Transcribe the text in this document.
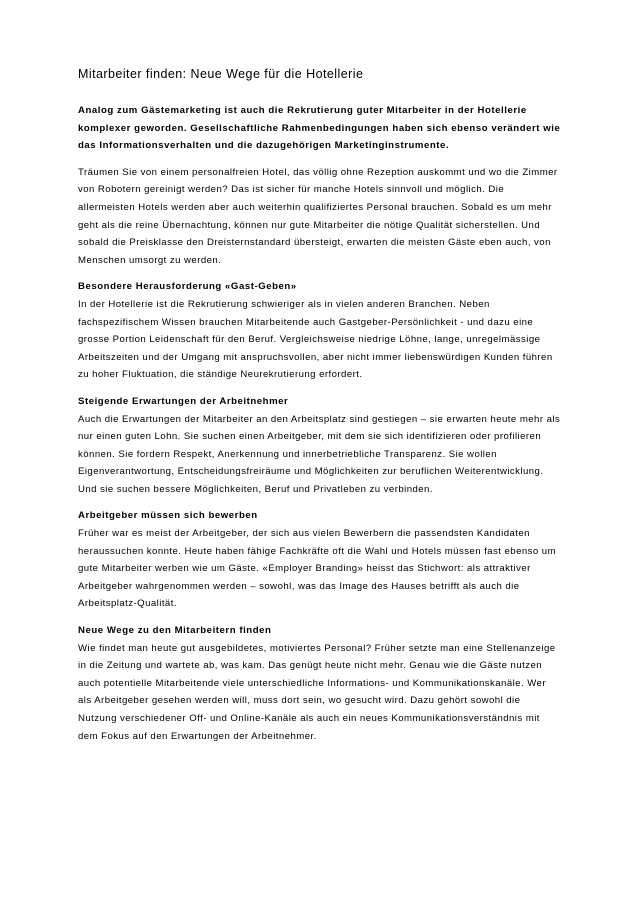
Mitarbeiter finden: Neue Wege für die Hotellerie

Analog zum Gästemarketing ist auch die Rekrutierung guter Mitarbeiter in der Hotellerie komplexer geworden. Gesellschaftliche Rahmenbedingungen haben sich ebenso verändert wie das Informationsverhalten und die dazugehörigen Marketinginstrumente.

Träumen Sie von einem personalfreien Hotel, das völlig ohne Rezeption auskommt und wo die Zimmer von Robotern gereinigt werden? Das ist sicher für manche Hotels sinnvoll und möglich. Die allermeisten Hotels werden aber auch weiterhin qualifiziertes Personal brauchen. Sobald es um mehr geht als die reine Übernachtung, können nur gute Mitarbeiter die nötige Qualität sicherstellen. Und sobald die Preisklasse den Dreisternstandard übersteigt, erwarten die meisten Gäste eben auch, von Menschen umsorgt zu werden.

Besondere Herausforderung «Gast-Geben»

In der Hotellerie ist die Rekrutierung schwieriger als in vielen anderen Branchen. Neben fachspezifischem Wissen brauchen Mitarbeitende auch Gastgeber-Persönlichkeit - und dazu eine grosse Portion Leidenschaft für den Beruf. Vergleichsweise niedrige Löhne, lange, unregelmässige Arbeitszeiten und der Umgang mit anspruchsvollen, aber nicht immer liebenswürdigen Kunden führen zu hoher Fluktuation, die ständige Neurekrutierung erfordert.

Steigende Erwartungen der Arbeitnehmer

Auch die Erwartungen der Mitarbeiter an den Arbeitsplatz sind gestiegen – sie erwarten heute mehr als nur einen guten Lohn. Sie suchen einen Arbeitgeber, mit dem sie sich identifizieren oder profilieren können. Sie fordern Respekt, Anerkennung und innerbetriebliche Transparenz. Sie wollen Eigenverantwortung, Entscheidungsfreiräume und Möglichkeiten zur beruflichen Weiterentwicklung. Und sie suchen bessere Möglichkeiten, Beruf und Privatleben zu verbinden.

Arbeitgeber müssen sich bewerben

Früher war es meist der Arbeitgeber, der sich aus vielen Bewerbern die passendsten Kandidaten heraussuchen konnte. Heute haben fähige Fachkräfte oft die Wahl und Hotels müssen fast ebenso um gute Mitarbeiter werben wie um Gäste. «Employer Branding» heisst das Stichwort: als attraktiver Arbeitgeber wahrgenommen werden – sowohl, was das Image des Hauses betrifft als auch die Arbeitsplatz-Qualität.

Neue Wege zu den Mitarbeitern finden

Wie findet man heute gut ausgebildetes, motiviertes Personal? Früher setzte man eine Stellenanzeige in die Zeitung und wartete ab, was kam. Das genügt heute nicht mehr. Genau wie die Gäste nutzen auch potentielle Mitarbeitende viele unterschiedliche Informations- und Kommunikationskanäle. Wer als Arbeitgeber gesehen werden will, muss dort sein, wo gesucht wird. Dazu gehört sowohl die Nutzung verschiedener Off- und Online-Kanäle als auch ein neues Kommunikationsverständnis mit dem Fokus auf den Erwartungen der Arbeitnehmer.
